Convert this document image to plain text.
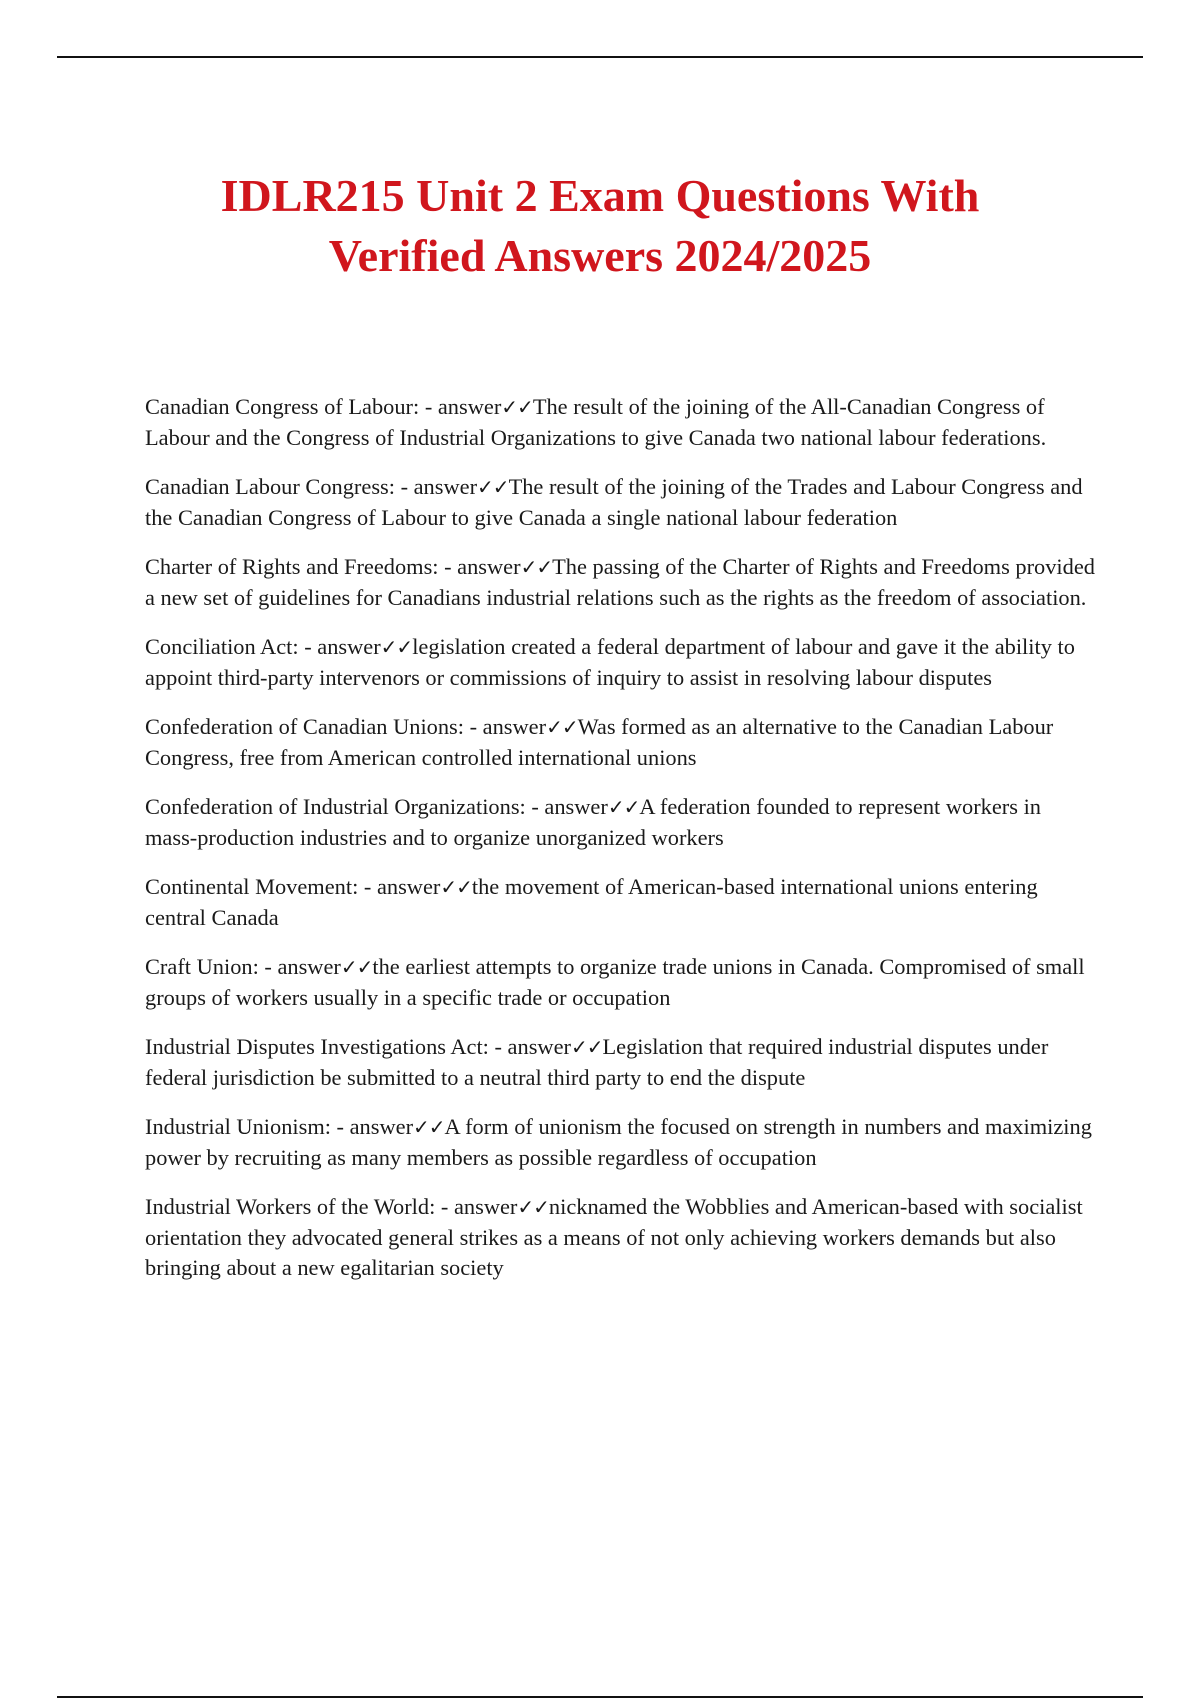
IDLR215 Unit 2 Exam Questions With
Verified Answers 2024/2025

Canadian Congress of Labour: - answer✓✓The result of the joining of the All-Canadian Congress of Labour and the Congress of Industrial Organizations to give Canada two national labour federations.

Canadian Labour Congress: - answer✓✓The result of the joining of the Trades and Labour Congress and the Canadian Congress of Labour to give Canada a single national labour federation

Charter of Rights and Freedoms: - answer✓✓The passing of the Charter of Rights and Freedoms provided a new set of guidelines for Canadians industrial relations such as the rights as the freedom of association.

Conciliation Act: - answer✓✓legislation created a federal department of labour and gave it the ability to appoint third-party intervenors or commissions of inquiry to assist in resolving labour disputes

Confederation of Canadian Unions: - answer✓✓Was formed as an alternative to the Canadian Labour Congress, free from American controlled international unions

Confederation of Industrial Organizations: - answer✓✓A federation founded to represent workers in mass-production industries and to organize unorganized workers

Continental Movement: - answer✓✓the movement of American-based international unions entering central Canada

Craft Union: - answer✓✓the earliest attempts to organize trade unions in Canada. Compromised of small groups of workers usually in a specific trade or occupation

Industrial Disputes Investigations Act: - answer✓✓Legislation that required industrial disputes under federal jurisdiction be submitted to a neutral third party to end the dispute

Industrial Unionism: - answer✓✓A form of unionism the focused on strength in numbers and maximizing power by recruiting as many members as possible regardless of occupation

Industrial Workers of the World: - answer✓✓nicknamed the Wobblies and American-based with socialist orientation they advocated general strikes as a means of not only achieving workers demands but also bringing about a new egalitarian society
